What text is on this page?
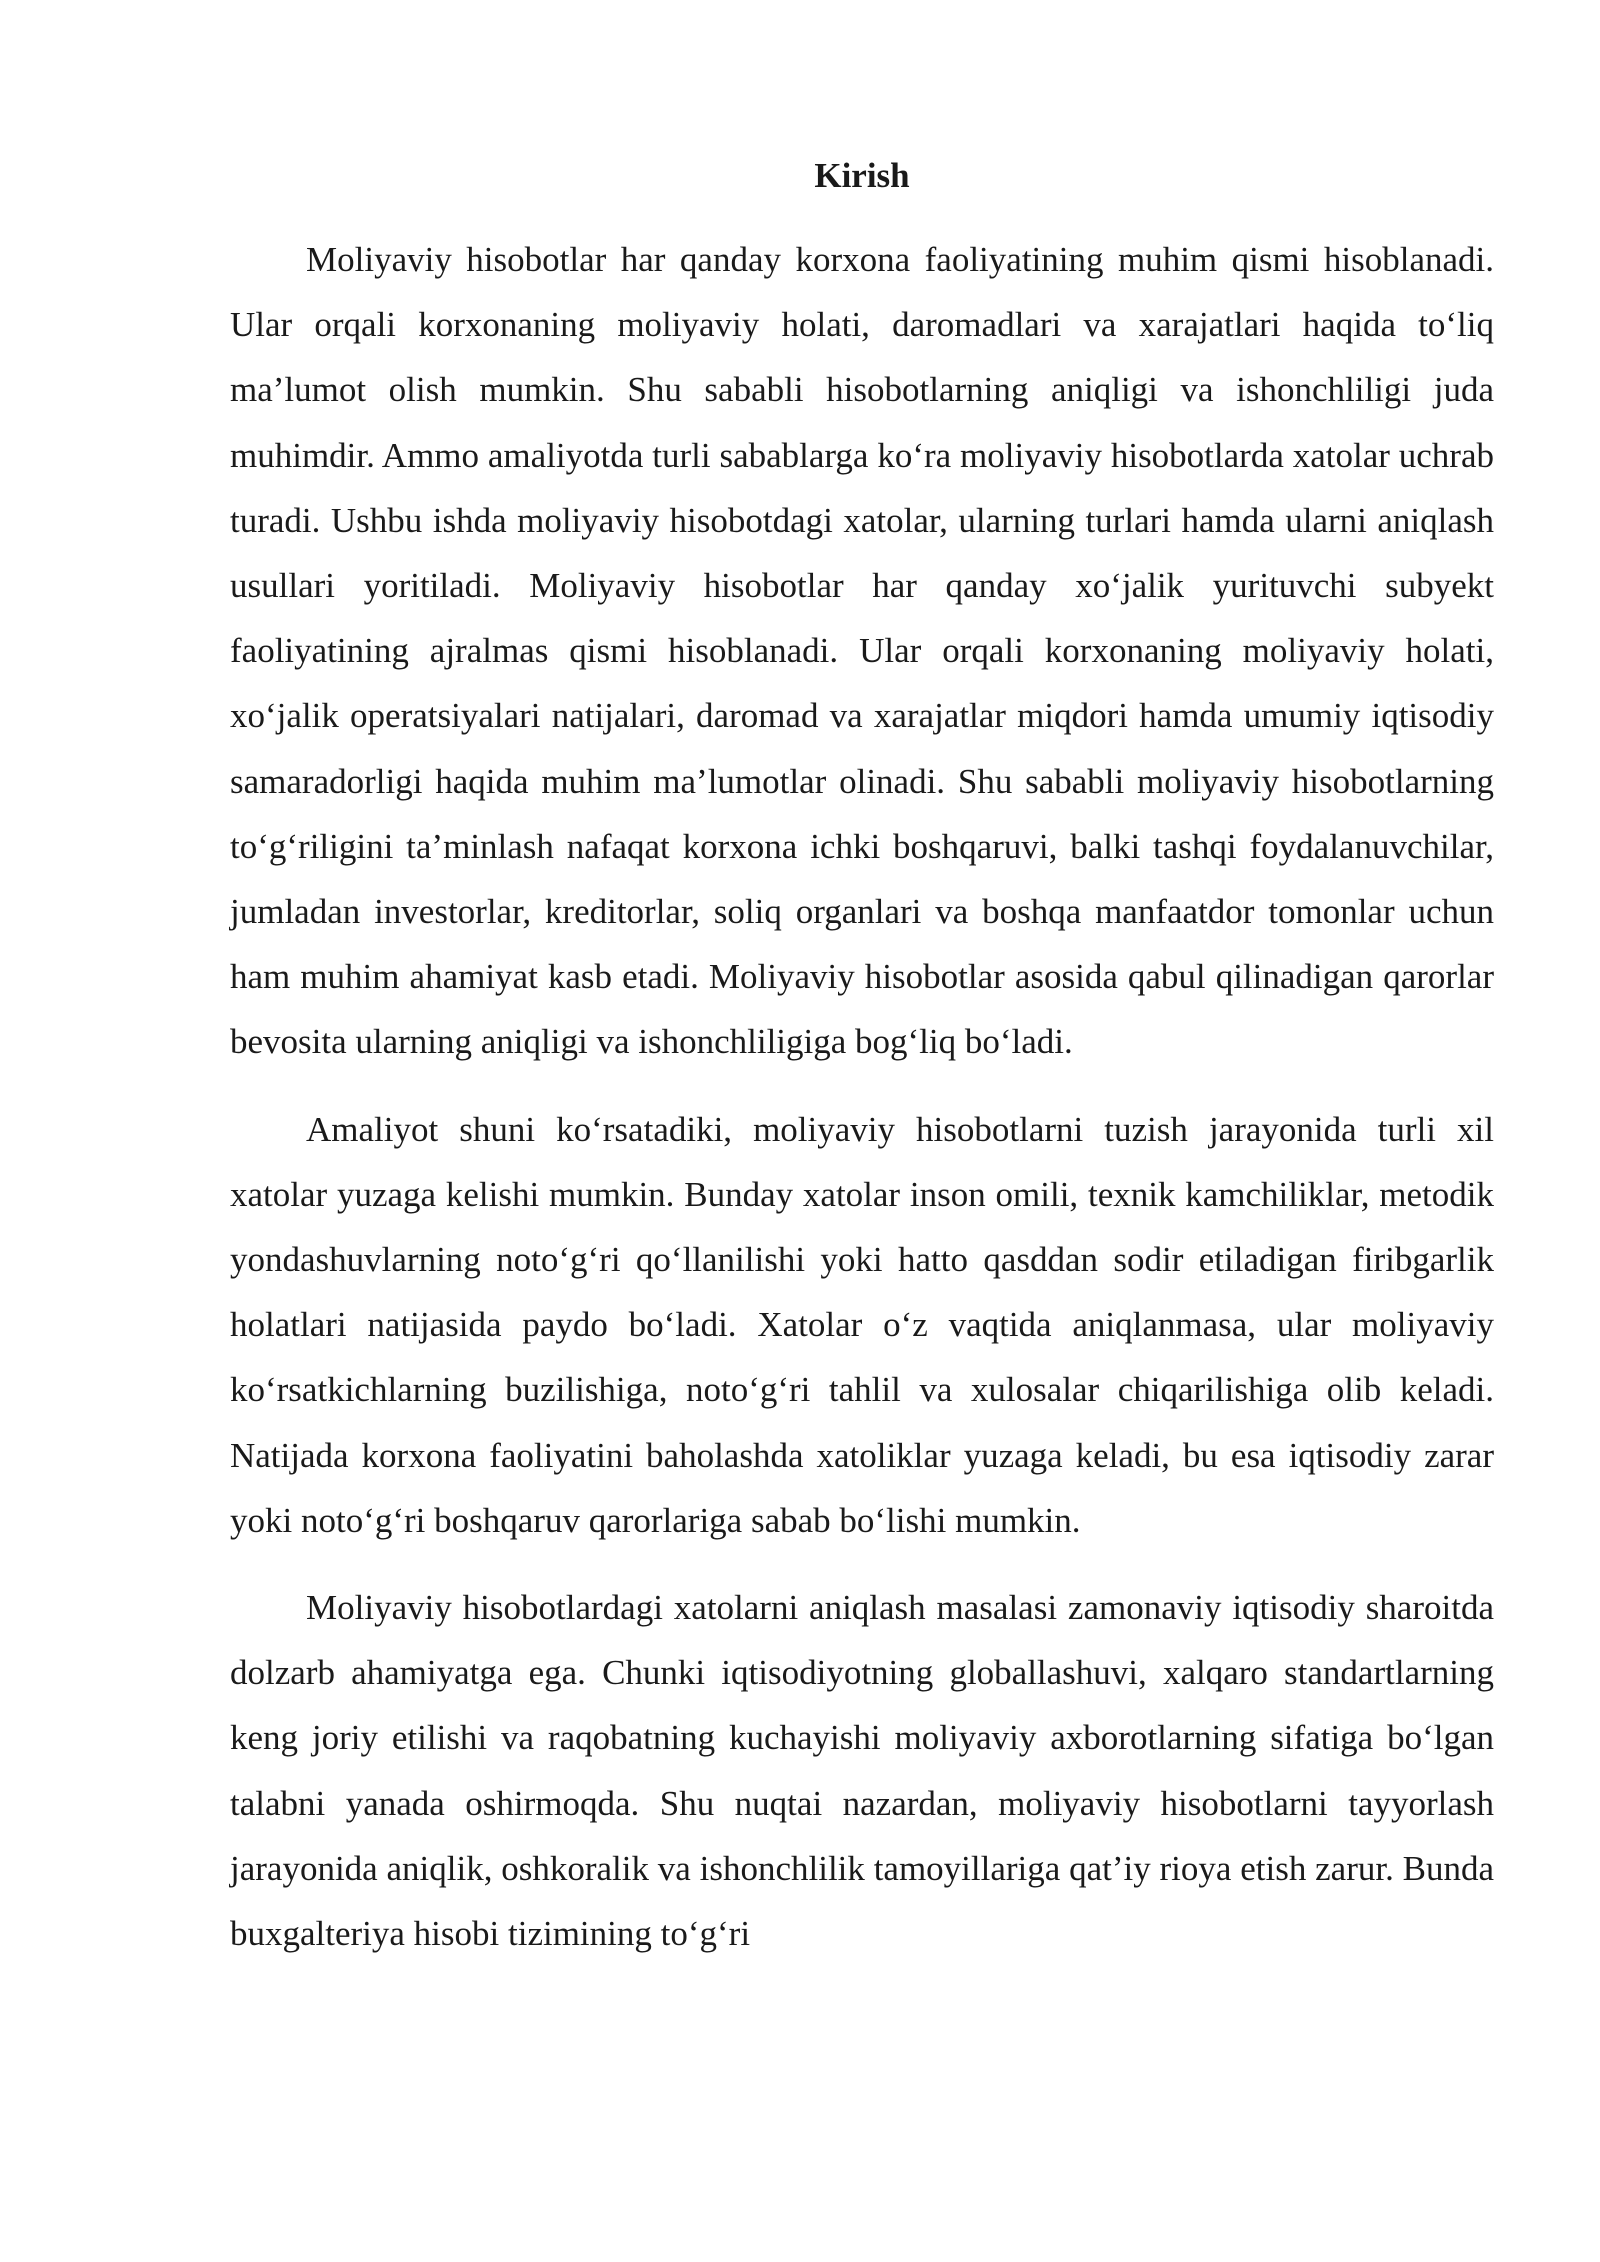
Kirish
Moliyaviy hisobotlar har qanday korxona faoliyatining muhim qismi hisoblanadi. Ular orqali korxonaning moliyaviy holati, daromadlari va xarajatlari haqida to‘liq ma’lumot olish mumkin. Shu sababli hisobotlarning aniqligi va ishonchliligi juda muhimdir. Ammo amaliyotda turli sabablarga ko‘ra moliyaviy hisobotlarda xatolar uchrab turadi. Ushbu ishda moliyaviy hisobotdagi xatolar, ularning turlari hamda ularni aniqlash usullari yoritiladi. Moliyaviy hisobotlar har qanday xo‘jalik yurituvchi subyekt faoliyatining ajralmas qismi hisoblanadi. Ular orqali korxonaning moliyaviy holati, xo‘jalik operatsiyalari natijalari, daromad va xarajatlar miqdori hamda umumiy iqtisodiy samaradorligi haqida muhim ma’lumotlar olinadi. Shu sababli moliyaviy hisobotlarning to‘g‘riligini ta’minlash nafaqat korxona ichki boshqaruvi, balki tashqi foydalanuvchilar, jumladan investorlar, kreditorlar, soliq organlari va boshqa manfaatdor tomonlar uchun ham muhim ahamiyat kasb etadi. Moliyaviy hisobotlar asosida qabul qilinadigan qarorlar bevosita ularning aniqligi va ishonchliligiga bog‘liq bo‘ladi.
Amaliyot shuni ko‘rsatadiki, moliyaviy hisobotlarni tuzish jarayonida turli xil xatolar yuzaga kelishi mumkin. Bunday xatolar inson omili, texnik kamchiliklar, metodik yondashuvlarning noto‘g‘ri qo‘llanilishi yoki hatto qasddan sodir etiladigan firibgarlik holatlari natijasida paydo bo‘ladi. Xatolar o‘z vaqtida aniqlanmasa, ular moliyaviy ko‘rsatkichlarning buzilishiga, noto‘g‘ri tahlil va xulosalar chiqarilishiga olib keladi. Natijada korxona faoliyatini baholashda xatoliklar yuzaga keladi, bu esa iqtisodiy zarar yoki noto‘g‘ri boshqaruv qarorlariga sabab bo‘lishi mumkin.
Moliyaviy hisobotlardagi xatolarni aniqlash masalasi zamonaviy iqtisodiy sharoitda dolzarb ahamiyatga ega. Chunki iqtisodiyotning globallashuvi, xalqaro standartlarning keng joriy etilishi va raqobatning kuchayishi moliyaviy axborotlarning sifatiga bo‘lgan talabni yanada oshirmoqda. Shu nuqtai nazardan, moliyaviy hisobotlarni tayyorlash jarayonida aniqlik, oshkoralik va ishonchlilik tamoyillariga qat’iy rioya etish zarur. Bunda buxgalteriya hisobi tizimining to‘g‘ri
